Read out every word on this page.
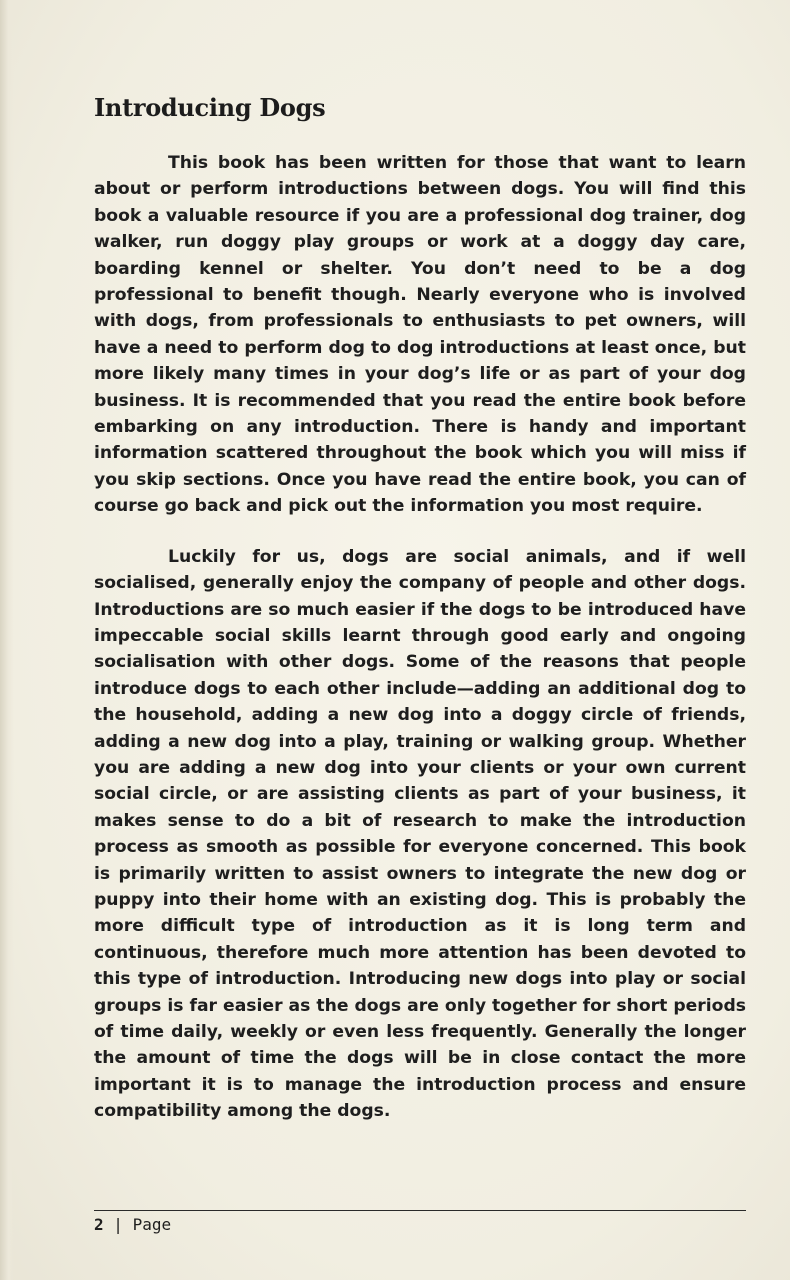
Introducing Dogs

This book has been written for those that want to learn about or perform introductions between dogs. You will find this book a valuable resource if you are a professional dog trainer, dog walker, run doggy play groups or work at a doggy day care, boarding kennel or shelter. You don’t need to be a dog professional to benefit though. Nearly everyone who is involved with dogs, from professionals to enthusiasts to pet owners, will have a need to perform dog to dog introductions at least once, but more likely many times in your dog’s life or as part of your dog business. It is recommended that you read the entire book before embarking on any introduction. There is handy and important information scattered throughout the book which you will miss if you skip sections. Once you have read the entire book, you can of course go back and pick out the information you most require.

Luckily for us, dogs are social animals, and if well socialised, generally enjoy the company of people and other dogs. Introductions are so much easier if the dogs to be introduced have impeccable social skills learnt through good early and ongoing socialisation with other dogs. Some of the reasons that people introduce dogs to each other include—adding an additional dog to the household, adding a new dog into a doggy circle of friends, adding a new dog into a play, training or walking group. Whether you are adding a new dog into your clients or your own current social circle, or are assisting clients as part of your business, it makes sense to do a bit of research to make the introduction process as smooth as possible for everyone concerned. This book is primarily written to assist owners to integrate the new dog or puppy into their home with an existing dog. This is probably the more difficult type of introduction as it is long term and continuous, therefore much more attention has been devoted to this type of introduction. Introducing new dogs into play or social groups is far easier as the dogs are only together for short periods of time daily, weekly or even less frequently. Generally the longer the amount of time the dogs will be in close contact the more important it is to manage the introduction process and ensure compatibility among the dogs.

2 | Page
